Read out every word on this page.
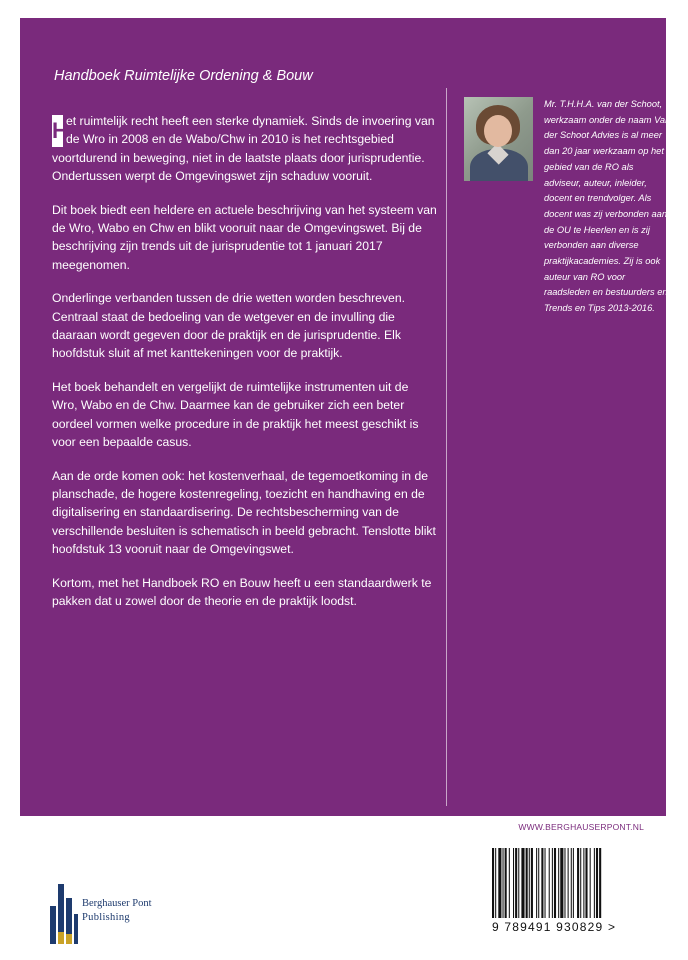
Handboek Ruimtelijke Ordening & Bouw

H
et ruimtelijk recht heeft een sterke dynamiek. Sinds de invoering van de Wro in 2008 en de Wabo/Chw in 2010 is het rechtsgebied voortdurend in beweging, niet in de laatste plaats door jurisprudentie. Ondertussen werpt de Omgevingswet zijn schaduw vooruit.

Dit boek biedt een heldere en actuele beschrijving van het systeem van de Wro, Wabo en Chw en blikt vooruit naar de Omgevingswet. Bij de beschrijving zijn trends uit de jurisprudentie tot 1 januari 2017 meegenomen.

Onderlinge verbanden tussen de drie wetten worden beschreven. Centraal staat de bedoeling van de wetgever en de invulling die daaraan wordt gegeven door de praktijk en de jurisprudentie. Elk hoofdstuk sluit af met kanttekeningen voor de praktijk.

Het boek behandelt en vergelijkt de ruimtelijke instrumenten uit de Wro, Wabo en de Chw. Daarmee kan de gebruiker zich een beter oordeel vormen welke procedure in de praktijk het meest geschikt is voor een bepaalde casus.

Aan de orde komen ook: het kostenverhaal, de tegemoetkoming in de planschade, de hogere kostenregeling, toezicht en handhaving en de digitalisering en standaardisering. De rechtsbescherming van de verschillende besluiten is schematisch in beeld gebracht. Tenslotte blikt hoofdstuk 13 vooruit naar de Omgevingswet.

Kortom, met het Handboek RO en Bouw heeft u een standaardwerk te pakken dat u zowel door de theorie en de praktijk loodst.

Mr. T.H.H.A. van der Schoot, werkzaam onder de naam Van der Schoot Advies is al meer dan 20 jaar werkzaam op het gebied van de RO als adviseur, auteur, inleider, docent en trendvolger. Als docent was zij verbonden aan de OU te Heerlen en is zij verbonden aan diverse praktijkacademies. Zij is ook auteur van RO voor raadsleden en bestuurders en Trends en Tips 2013-2016.
WWW.BERGHAUSERPONT.NL
Berghauser Pont
Publishing
9 789491 930829 >
